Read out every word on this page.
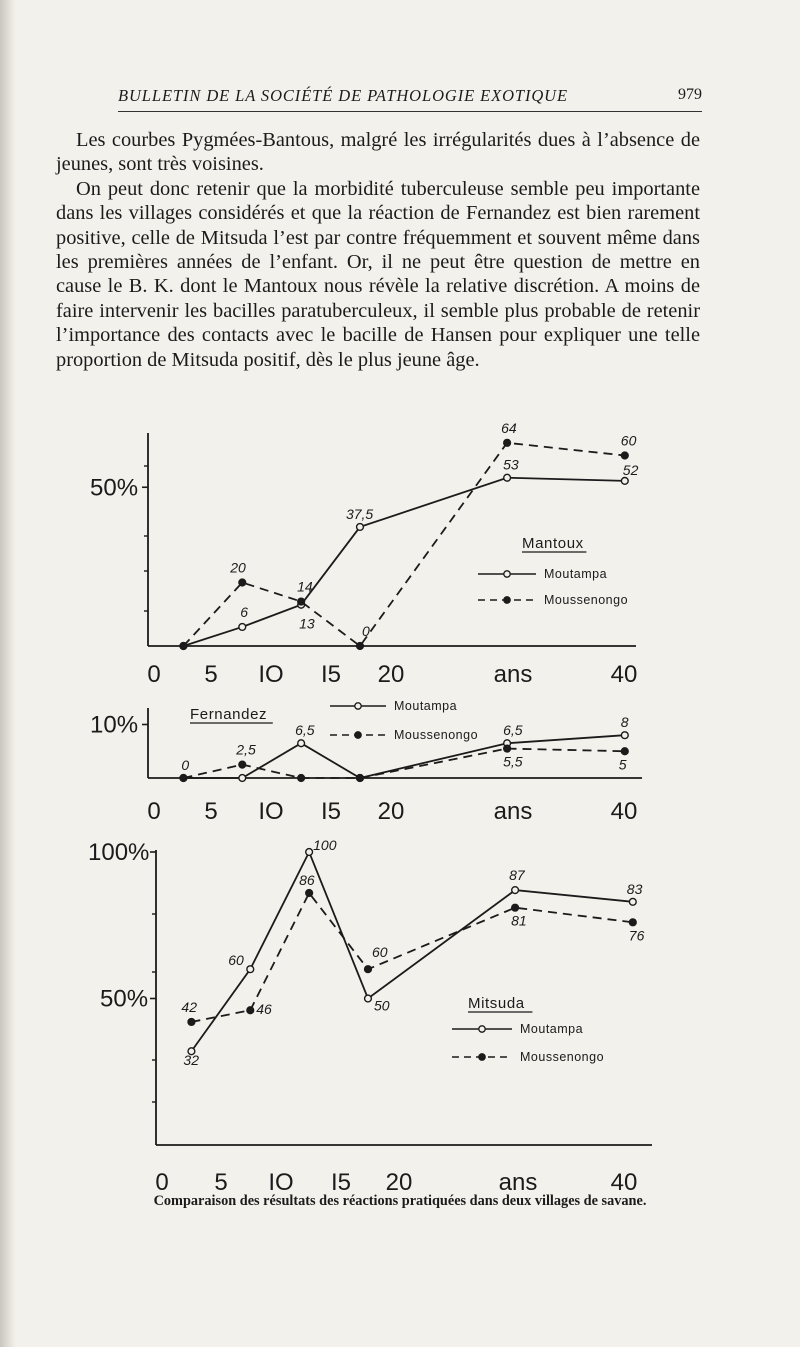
BULLETIN DE LA SOCIÉTÉ DE PATHOLOGIE EXOTIQUE	979

Les courbes Pygmées-Bantous, malgré les irrégularités dues à l’absence de jeunes, sont très voisines.

On peut donc retenir que la morbidité tuberculeuse semble peu importante dans les villages considérés et que la réaction de Fernandez est bien rarement positive, celle de Mitsuda l’est par contre fréquemment et souvent même dans les premières années de l’enfant. Or, il ne peut être question de mettre en cause le B. K. dont le Mantoux nous révèle la relative discrétion. A moins de faire intervenir les bacilles paratuberculeux, il semble plus probable de retenir l’importance des contacts avec le bacille de Hansen pour expliquer une telle proportion de Mitsuda positif, dès le plus jeune âge.

50%
0 5 IO I5 20	40
ans
6
13
37,5
53	52
20
14
0
64
60
Mantoux
Moutampa
Moussenongo
10%
0 5 IO I5 20	40
ans
0
6,5	6,5
8
2,5
5,5	5
Fernandez	Moutampa
Moussenongo
50%
100%
0 5 IO I5 20	40
ans
32
60
100
50
87
83
42	46
86
60
81
76
Mitsuda
Moutampa
Moussenongo
Comparaison des résultats des réactions pratiquées dans deux villages de savane.
